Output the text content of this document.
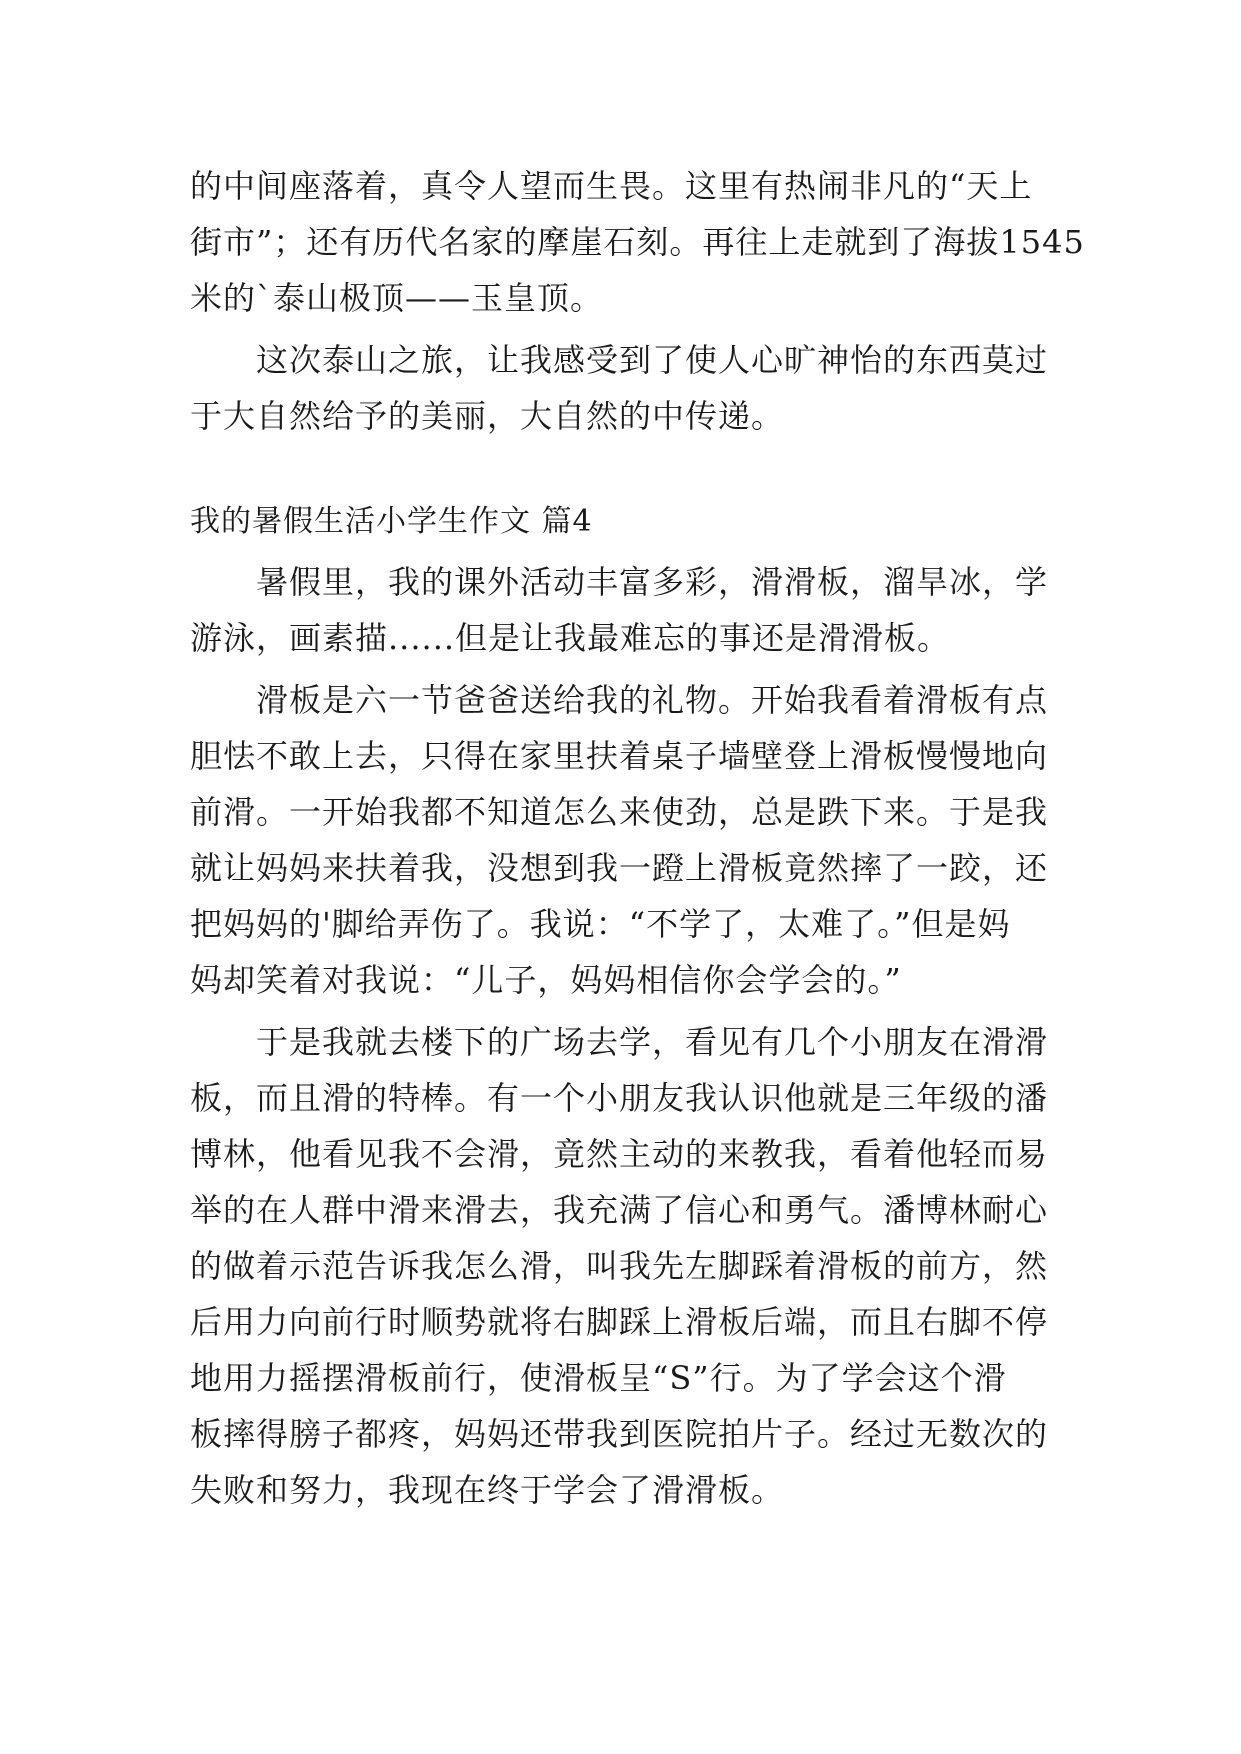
的中间座落着，真令人望而生畏。这里有热闹非凡的“天上
街市”；还有历代名家的摩崖石刻。再往上走就到了海拔1545
米的`泰山极顶——玉皇顶。
这次泰山之旅，让我感受到了使人心旷神怡的东西莫过
于大自然给予的美丽，大自然的中传递。
我的暑假生活小学生作文 篇4
暑假里，我的课外活动丰富多彩，滑滑板，溜旱冰，学
游泳，画素描......但是让我最难忘的事还是滑滑板。
滑板是六一节爸爸送给我的礼物。开始我看着滑板有点
胆怯不敢上去，只得在家里扶着桌子墙壁登上滑板慢慢地向
前滑。一开始我都不知道怎么来使劲，总是跌下来。于是我
就让妈妈来扶着我，没想到我一蹬上滑板竟然摔了一跤，还
把妈妈的'脚给弄伤了。我说：“不学了，太难了。”但是妈
妈却笑着对我说：“儿子，妈妈相信你会学会的。”
于是我就去楼下的广场去学，看见有几个小朋友在滑滑
板，而且滑的特棒。有一个小朋友我认识他就是三年级的潘
博林，他看见我不会滑，竟然主动的来教我，看着他轻而易
举的在人群中滑来滑去，我充满了信心和勇气。潘博林耐心
的做着示范告诉我怎么滑，叫我先左脚踩着滑板的前方，然
后用力向前行时顺势就将右脚踩上滑板后端，而且右脚不停
地用力摇摆滑板前行，使滑板呈“S”行。为了学会这个滑
板摔得膀子都疼，妈妈还带我到医院拍片子。经过无数次的
失败和努力，我现在终于学会了滑滑板。
